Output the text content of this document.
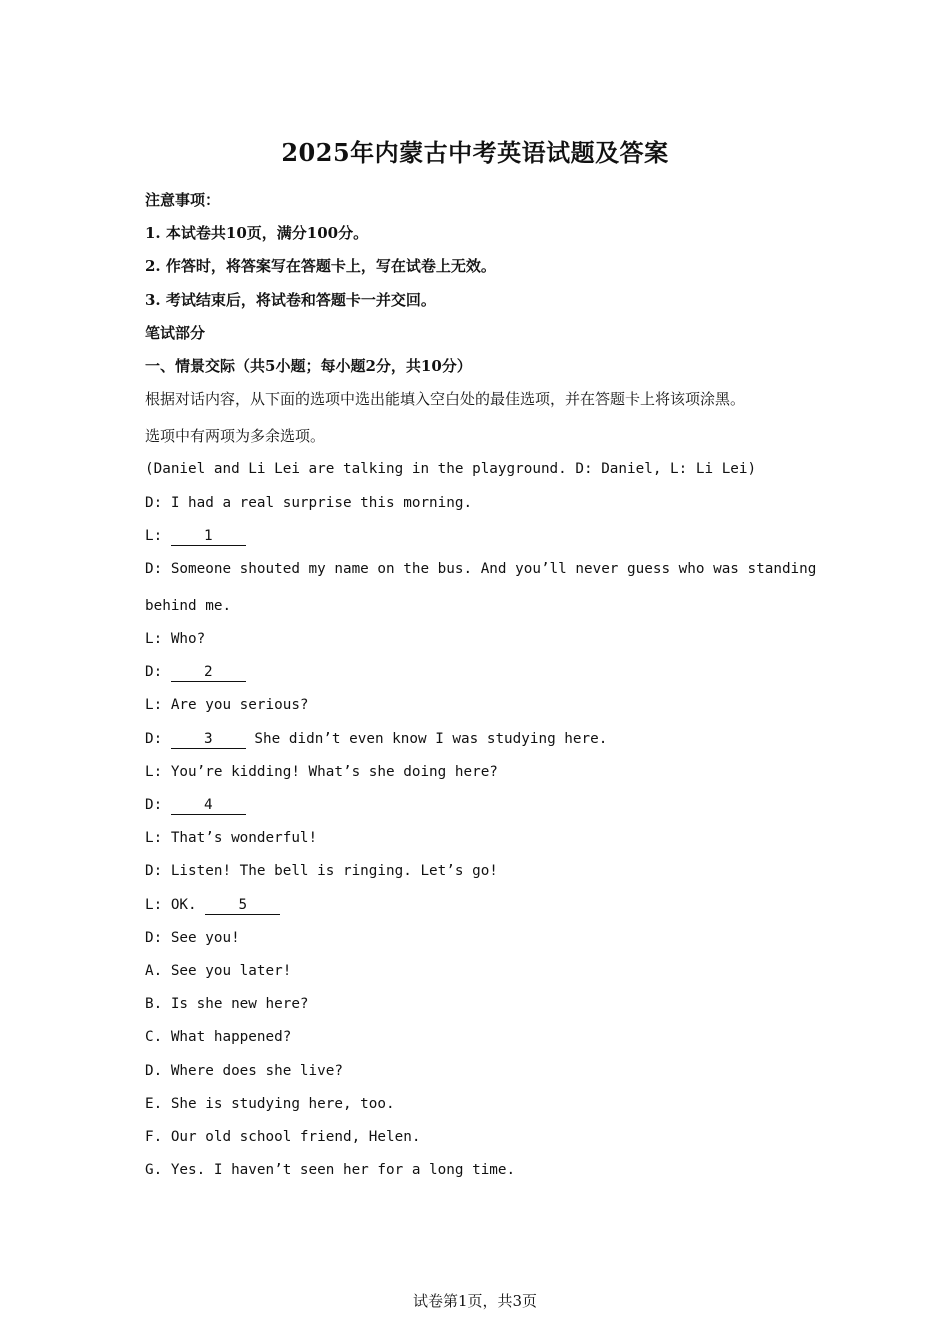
2025年内蒙古中考英语试题及答案
注意事项：
1. 本试卷共10页，满分100分。
2. 作答时，将答案写在答题卡上，写在试卷上无效。
3. 考试结束后，将试卷和答题卡一并交回。
笔试部分
一、情景交际（共5小题；每小题2分，共10分）
根据对话内容，从下面的选项中选出能填入空白处的最佳选项，并在答题卡上将该项涂黑。
选项中有两项为多余选项。
(Daniel and Li Lei are talking in the playground. D: Daniel, L: Li Lei)
D: I had a real surprise this morning.
L: 1
D: Someone shouted my name on the bus. And you’ll never guess who was standing
behind me.
L: Who?
D: 2
L: Are you serious?
D: 3 She didn’t even know I was studying here.
L: You’re kidding! What’s she doing here?
D: 4
L: That’s wonderful!
D: Listen! The bell is ringing. Let’s go!
L: OK. 5
D: See you!
A. See you later!
B. Is she new here?
C. What happened?
D. Where does she live?
E. She is studying here, too.
F. Our old school friend, Helen.
G. Yes. I haven’t seen her for a long time.
试卷第1页，共3页
